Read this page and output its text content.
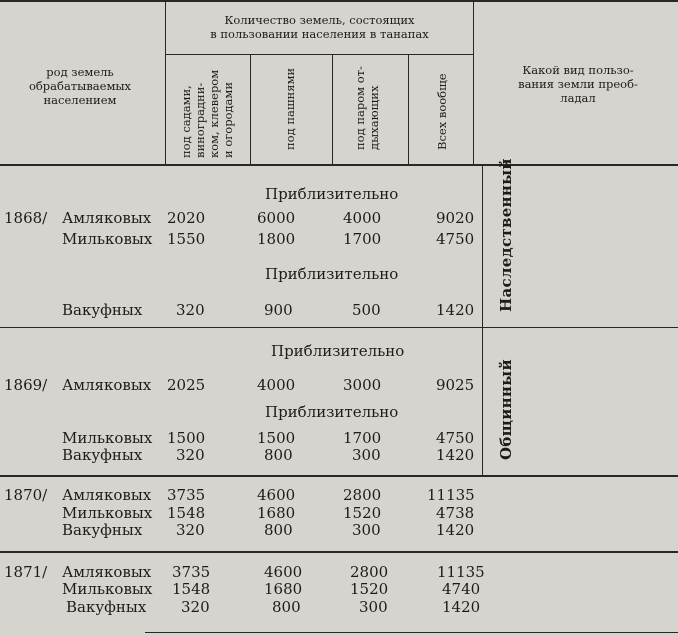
род земель
обрабатываемых
населением
Количество земель, состоящих
в пользовании населения в танапах
Какой вид пользо-
вания земли преоб-
ладал
под садами, виноградни- ком, клевером и огородами	под пашнями	под паром от- дыхающих	Всех вообще
Наследственный
Общинный
Приблизительно
1868/ Амляковых 2020	6000	4000	9020
Мильковых 1550	1800	1700	4750
Приблизительно
Вакуфных 320	900	500	1420
Приблизительно
1869/ Амляковых 2025	4000	3000	9025
Приблизительно
Мильковых 1500	1500	1700	4750
Вакуфных 320	800	300	1420
1870/ Амляковых 3735	4600	2800	11135
Мильковых 1548	1680	1520	4738
Вакуфных 320	800	300	1420
1871/ Амляковых 3735	4600	2800	11135
Мильковых 1548	1680	1520	4740
Вакуфных 320	800	300	1420
